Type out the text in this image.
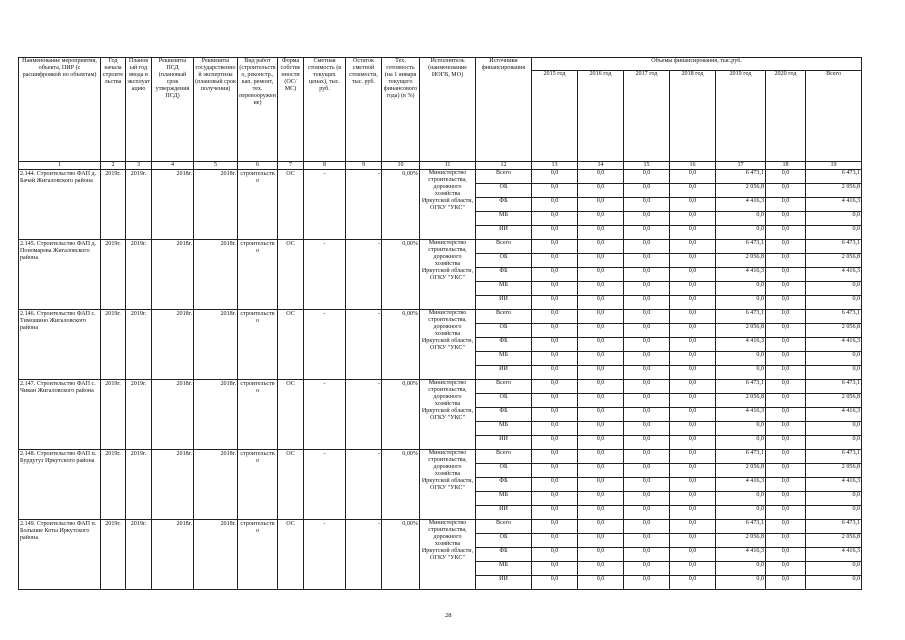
Наименование мероприятия, объекта, ПИР (с расшифровкой по объектам)	Год начала строительства	Плановый год ввода в эксплуатацию	Реквизиты ПСД (плановый срок утверждения ПСД)	Реквизиты государственной экспертизы (плановый срок получения)	Вид работ (строительство, реконстр., кап. ремонт, тех. перевооружение)	Форма собственности (ОС/МС)	Сметная стоимость (в текущих ценах), тыс. руб.	Остаток сметной стоимости, тыс. руб.	Тех. готовность (на 1 января текущего финансового года) (в %)	Исполнитель (наименование ИОГВ, МО)	Источники финансирования	Объемы финансирования, тыс.руб.						
												2015 год	2016 год	2017 год	2018 год	2019 год	2020 год	Всего
1	2	3	4	5	6	7	8	9	10	11	12	13	14	15	16	17	18	19
2.144. Строительство ФАП д. Бачай Жигаловского района	2019г.	2019г.	2018г.	2018г.	строительство	ОС	-	-	0,00%	Министерство строительства, дорожного хозяйства Иркутской области, ОГКУ "УКС"	Всего	0,0	0,0	0,0	0,0	6 473,1	0,0	6 473,1
											ОБ	0,0	0,0	0,0	0,0	2 056,8	0,0	2 056,8
											ФБ	0,0	0,0	0,0	0,0	4 416,3	0,0	4 416,3
											МБ	0,0	0,0	0,0	0,0	0,0	0,0	0,0
											ИИ	0,0	0,0	0,0	0,0	0,0	0,0	0,0
2.145. Строительство ФАП д. Пономарева Жигаловского района	2019г.	2019г.	2018г.	2018г.	строительство	ОС	-	-	0,00%	Министерство строительства, дорожного хозяйства Иркутской области, ОГКУ "УКС"	Всего	0,0	0,0	0,0	0,0	6 473,1	0,0	6 473,1
											ОБ	0,0	0,0	0,0	0,0	2 056,8	0,0	2 056,8
											ФБ	0,0	0,0	0,0	0,0	4 416,3	0,0	4 416,3
											МБ	0,0	0,0	0,0	0,0	0,0	0,0	0,0
											ИИ	0,0	0,0	0,0	0,0	0,0	0,0	0,0
2.146. Строительство ФАП с. Тимошино Жигаловского района	2019г.	2019г.	2018г.	2018г.	строительство	ОС	-	-	0,00%	Министерство строительства, дорожного хозяйства Иркутской области, ОГКУ "УКС"	Всего	0,0	0,0	0,0	0,0	6 473,1	0,0	6 473,1
											ОБ	0,0	0,0	0,0	0,0	2 056,8	0,0	2 056,8
											ФБ	0,0	0,0	0,0	0,0	4 416,3	0,0	4 416,3
											МБ	0,0	0,0	0,0	0,0	0,0	0,0	0,0
											ИИ	0,0	0,0	0,0	0,0	0,0	0,0	0,0
2.147. Строительство ФАП с. Чикан Жигаловского района	2019г.	2019г.	2018г.	2018г.	строительство	ОС	-	-	0,00%	Министерство строительства, дорожного хозяйства Иркутской области, ОГКУ "УКС"	Всего	0,0	0,0	0,0	0,0	6 473,1	0,0	6 473,1
											ОБ	0,0	0,0	0,0	0,0	2 056,8	0,0	2 056,8
											ФБ	0,0	0,0	0,0	0,0	4 416,3	0,0	4 416,3
											МБ	0,0	0,0	0,0	0,0	0,0	0,0	0,0
											ИИ	0,0	0,0	0,0	0,0	0,0	0,0	0,0
2.148. Строительство ФАП п. Бурдугуз Иркутского района	2019г.	2019г.	2018г.	2018г.	строительство	ОС	-	-	0,00%	Министерство строительства, дорожного хозяйства Иркутской области, ОГКУ "УКС"	Всего	0,0	0,0	0,0	0,0	6 473,1	0,0	6 473,1
											ОБ	0,0	0,0	0,0	0,0	2 056,8	0,0	2 056,8
											ФБ	0,0	0,0	0,0	0,0	4 416,3	0,0	4 416,3
											МБ	0,0	0,0	0,0	0,0	0,0	0,0	0,0
											ИИ	0,0	0,0	0,0	0,0	0,0	0,0	0,0
2.149. Строительство ФАП п. Большие Коты Иркутского района	2019г.	2019г.	2018г.	2018г.	строительство	ОС	-	-	0,00%	Министерство строительства, дорожного хозяйства Иркутской области, ОГКУ "УКС"	Всего	0,0	0,0	0,0	0,0	6 473,1	0,0	6 473,1
											ОБ	0,0	0,0	0,0	0,0	2 056,8	0,0	2 056,8
											ФБ	0,0	0,0	0,0	0,0	4 416,3	0,0	4 416,3
											МБ	0,0	0,0	0,0	0,0	0,0	0,0	0,0
											ИИ	0,0	0,0	0,0	0,0	0,0	0,0	0,0
28
